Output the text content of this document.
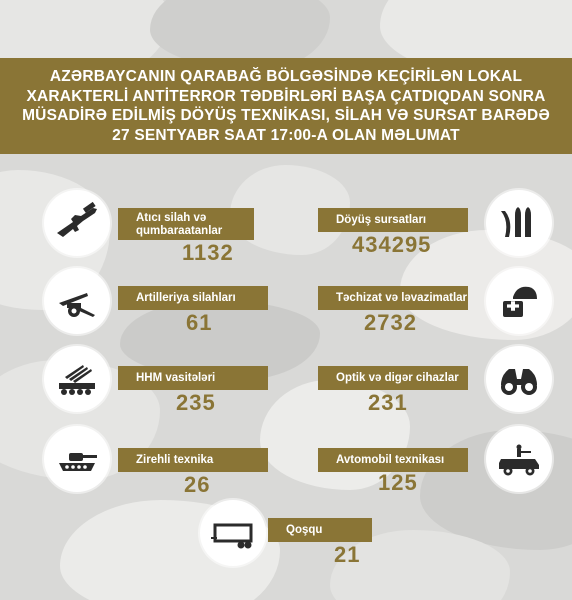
AZƏRBAYCANIN QARABAĞ BÖLGƏSİNDƏ KEÇİRİLƏN LOKAL XARAKTERLİ ANTİTERROR TƏDBİRLƏRİ BAŞA ÇATDIQDAN SONRA MÜSADİRƏ EDİLMİŞ DÖYÜŞ TEXNİKASI, SİLAH VƏ SURSAT BARƏDƏ 27 SENTYABR SAAT 17:00-A OLAN MƏLUMAT
Atıcı silah və qumbaraatanlar
1132
Döyüş sursatları
434295
Artilleriya silahları
61
Təchizat və ləvazimatlar
2732
HHM vasitələri
235
Optik və digər cihazlar
231
Zirehli texnika
26
Avtomobil texnikası
125
Qoşqu
21
